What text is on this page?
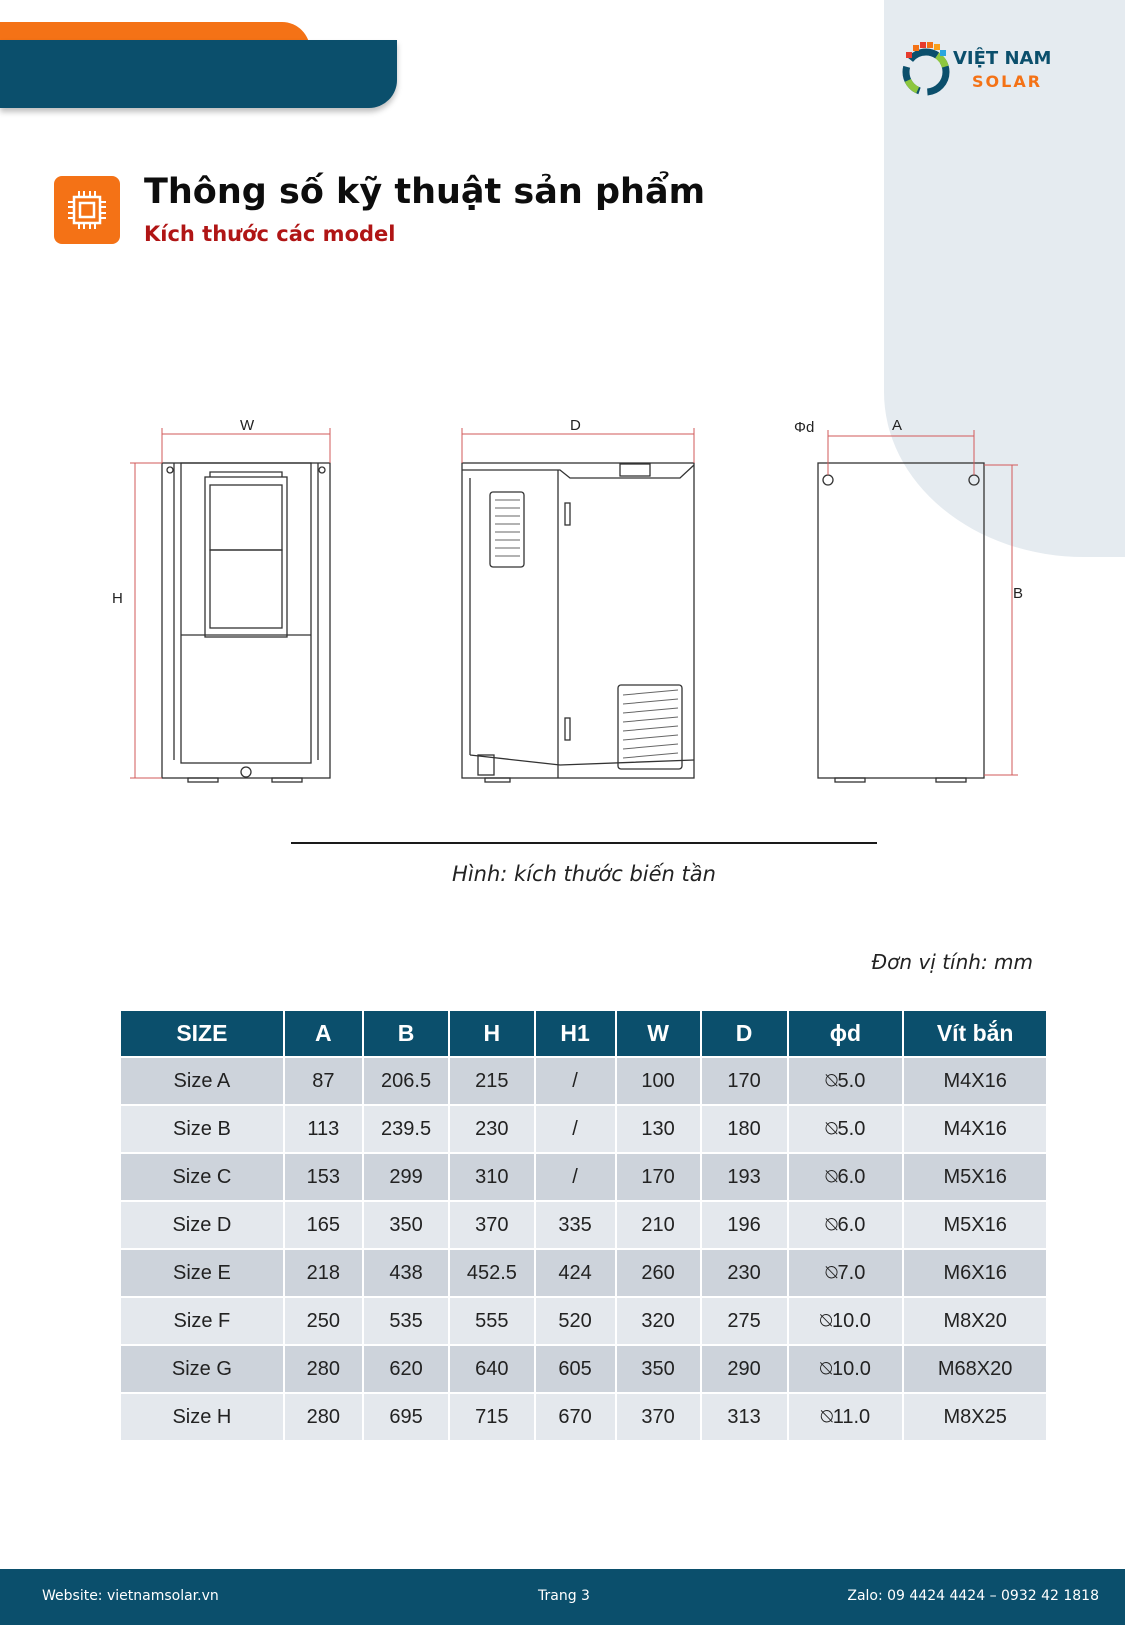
VIỆT NAM
SOLAR
Thông số kỹ thuật sản phẩm
Kích thước các model
W
H
D	Φd	A
B
Hình: kích thước biến tần
Đơn vị tính: mm
SIZE	A	B	H	H1	W	D	ϕd	Vít bắn
Size A	87	206.5	215	/	100	170	⍉5.0	M4X16
Size B	113	239.5	230	/	130	180	⍉5.0	M4X16
Size C	153	299	310	/	170	193	⍉6.0	M5X16
Size D	165	350	370	335	210	196	⍉6.0	M5X16
Size E	218	438	452.5	424	260	230	⍉7.0	M6X16
Size F	250	535	555	520	320	275	⍉10.0	M8X20
Size G	280	620	640	605	350	290	⍉10.0	M68X20
Size H	280	695	715	670	370	313	⍉11.0	M8X25
Website: vietnamsolar.vn	Trang 3	Zalo: 09 4424 4424 – 0932 42 1818
